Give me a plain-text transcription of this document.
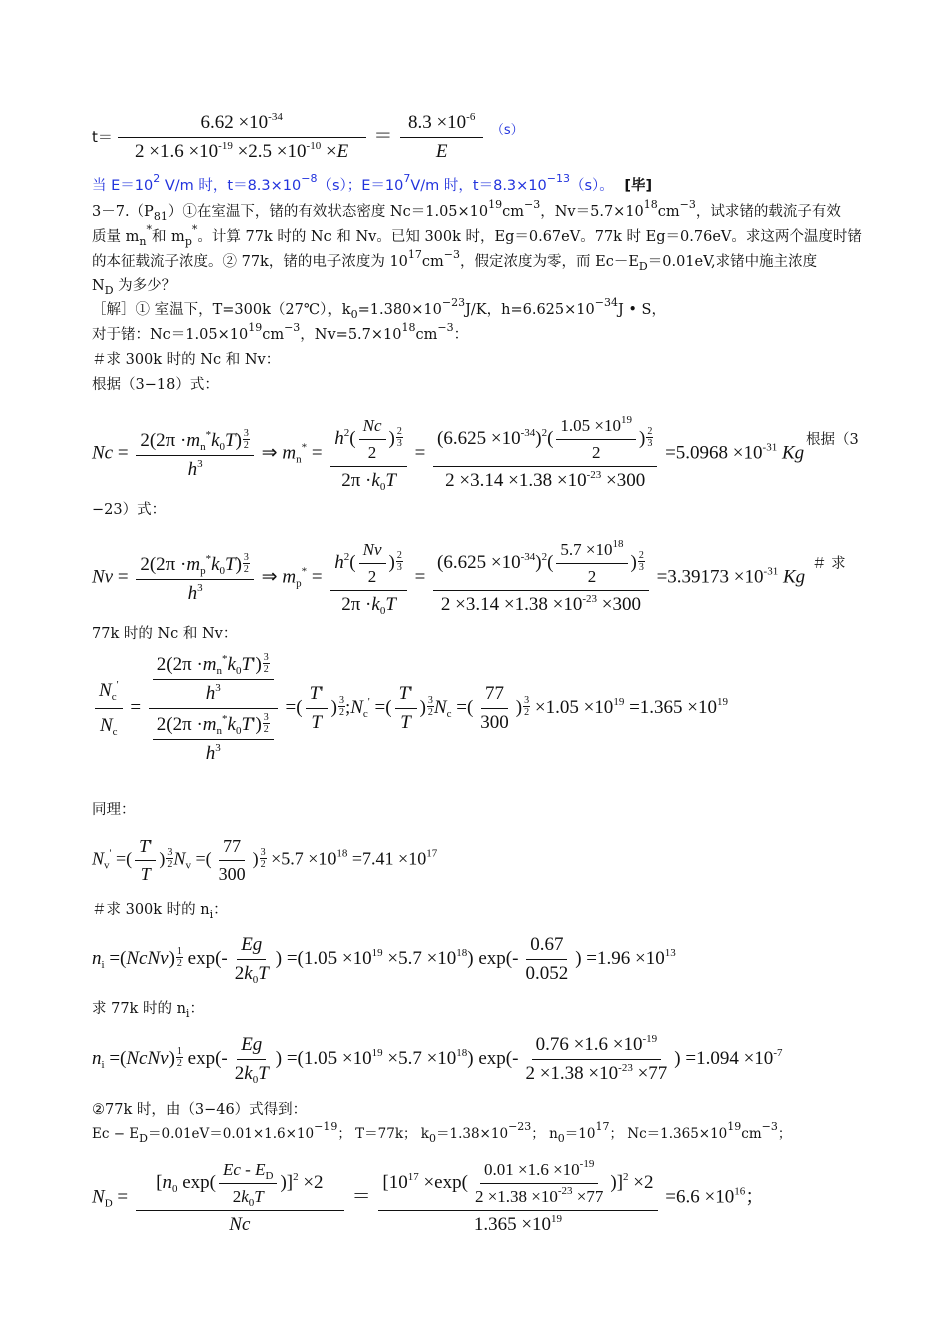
$t= \frac{6.62 \times 10^{-34}}{2 \times 1.6 \times 10^{-19} \times 2.5 \times 10^{-10} \times E} = \frac{8.3 \times 10^{-6}}{E} ^{(s)}$
当 $E=10^2$ V/m 时，$t=8.3\times 10^{-8}(s)$；$E=10^7V/m$ 时，$t=8.3\times 10^{-13}(s)$。 [毕]
$3-7.(P_{81})①$在室温下，锗的有效状态密度 $Nc=1.05\times 10^{19}cm^{-3}$，$Nv=5.7\times 10^{18}cm^{-3}$，试求锗的载流子有效
质量 $m_n^*$和 $m_p^*$。计算 77k 时的 Nc 和 Nv。已知 300k 时，Eg＝0.67eV。77k 时 Eg＝0.76eV。求这两个温度时锗
的本征载流子浓度。② 77k，锗的电子浓度为 $10^{17}cm^{-3}$，假定浓度为零，而 $Ec-E_D=0.01eV$,求锗中施主浓度
$N_D$ 为多少？
［解］① 室温下，T=300k（27℃），$k_0=1.380\times 10^{-23}J/K$，$h=6.625\times 10^{-34}J$ • S，
对于锗：$Nc=1.05\times 10^{19}cm^{-3}$，$Nv=5.7\times 10^{18}cm^{-3}$：
＃求 300k 时的 Nc 和 Nv：
根据（3−18）式：
$Nc = \frac{2(2\pi \cdot m_n^*k_0T) \frac{3}{2}}{h^3}$ ⇒ $m_n^* = \frac{h^2( \frac{Nc}{2} ) \frac{2}{3}}{2\pi \cdot k_0T} = \frac{(6.625 \times 10^{-34})^2( \frac{1.05 \times 10^{19}}{2} ) \frac{2}{3}}{2 \times 3.14 \times 1.38 \times 10^{-23} \times 300} =5.0968 \times 10^{-31}$ Kg
根据（3
−23）式：
$Nv = \frac{2(2\pi \cdot m_p^*k_0T) \frac{3}{2}}{h^3}$ ⇒ $m_p^* = \frac{h^2( \frac{Nv}{2} ) \frac{2}{3}}{2\pi \cdot k_0T} = \frac{(6.625 \times 10^{-34})^2( \frac{5.7 \times 10^{18}}{2} ) \frac{2}{3}}{2 \times 3.14 \times 1.38 \times 10^{-23} \times 300} =3.39173 \times 10^{-31}$ Kg
＃ 求
77k 时的 Nc 和 Nv：
$\frac{N_c'}{N_c} = \frac{\frac{2(2\pi \cdot m_n^*k_0T') \frac{3}{2}}{h^3}}{\frac{2(2\pi \cdot m_n^*k_0T') \frac{3}{2}}{h^3}}$ =( $\frac{T'}{T}$ ) $\frac{3}{2}$ $;N_c'$ =( $\frac{T'}{T}$ ) $\frac{3}{2} N_c$ =( $\frac{77}{300}$ ) $\frac{3}{2} \times 1.05 \times 10^{19} =1.365 \times 10^{19}$
同理：
$N_v'$ =( $\frac{T'}{T}$ ) $\frac{3}{2} N_v$ =( $\frac{77}{300}$ ) $\frac{3}{2} \times 5.7 \times 10^{18} =7.41 \times 10^{17}$
＃求 300k 时的 $n_i$：
$n_i$ =(NcNv) $\frac{1}{2} \exp(- \frac{Eg}{2k_0T}$ ) $=(1.05 \times 10^{19} \times 5.7 \times 10^{18})$ $\exp(- \frac{0.67}{0.052}$ ) $=1.96 \times 10^{13}$
求 77k 时的 $n_i$：
$n_i$ =(NcNv) $\frac{1}{2} \exp(- \frac{Eg}{2k_0T}$ ) $=(1.05 \times 10^{19} \times 5.7 \times 10^{18})$ $\exp(- \frac{0.76 \times 1.6 \times 10^{-19}}{2 \times 1.38 \times 10^{-23} \times 77}$ ) $=1.094 \times 10^{-7}$
②77k 时，由（3−46）式得到：
$Ec - E_D=0.01eV=0.01\times 1.6\times 10^{-19}$； T＝77k； $k_0=1.38\times 10^{-23}$； $n_0=10^{17}$； $Nc=1.365\times 10^{19}cm^{-3}$；
$N_D = \frac{[n_0 \exp( \frac{Ec - E_D}{2k_0T} )]^2 \times 2}{Nc} = \frac{[10^{17} \times\exp( \frac{0.01 \times 1.6 \times 10^{-19}}{2 \times 1.38 \times 10^{-23} \times 77} )]^2 \times 2}{1.365 \times 10^{19}} =6.6 \times 10^{16}$；
